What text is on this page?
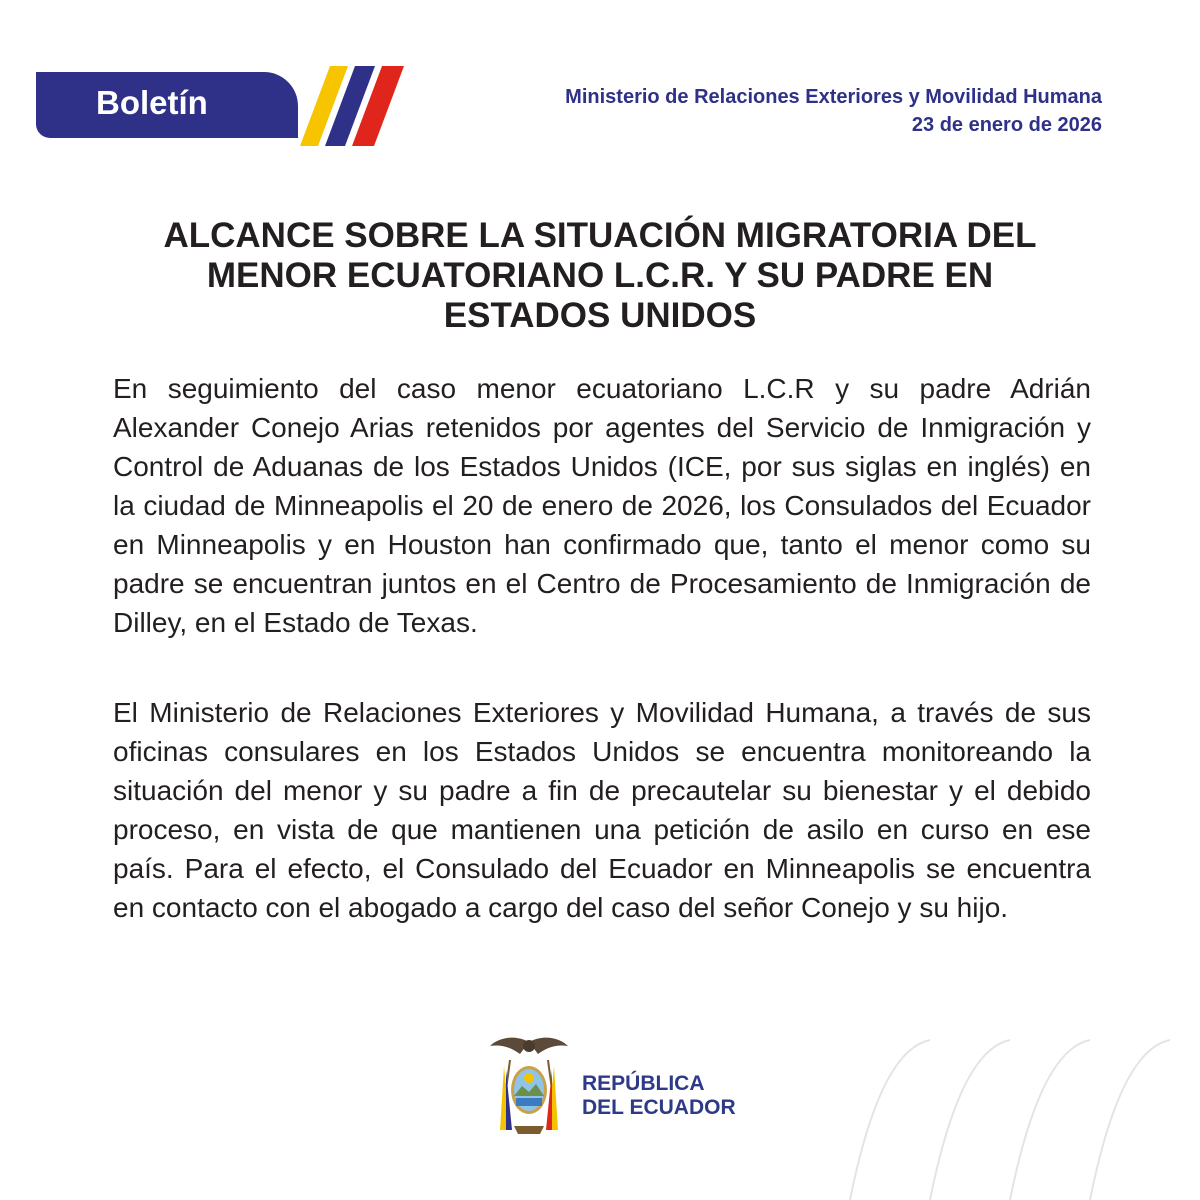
Boletín	Ministerio de Relaciones Exteriores y Movilidad Humana
23 de enero de 2026
ALCANCE SOBRE LA SITUACIÓN MIGRATORIA DEL
MENOR ECUATORIANO L.C.R. Y SU PADRE EN
ESTADOS UNIDOS

En seguimiento del caso menor ecuatoriano L.C.R y su padre Adrián Alexander Conejo Arias retenidos por agentes del Servicio de Inmigración y Control de Aduanas de los Estados Unidos (ICE, por sus siglas en inglés) en la ciudad de Minneapolis el 20 de enero de 2026, los Consulados del Ecuador en Minneapolis y en Houston han confirmado que, tanto el menor como su padre se encuentran juntos en el Centro de Procesamiento de Inmigración de Dilley, en el Estado de Texas.

El Ministerio de Relaciones Exteriores y Movilidad Humana, a través de sus oficinas consulares en los Estados Unidos se encuentra monitoreando la situación del menor y su padre a fin de precautelar su bienestar y el debido proceso, en vista de que mantienen una petición de asilo en curso en ese país. Para el efecto, el Consulado del Ecuador en Minneapolis se encuentra en contacto con el abogado a cargo del caso del señor Conejo y su hijo.

REPÚBLICA
DEL ECUADOR
